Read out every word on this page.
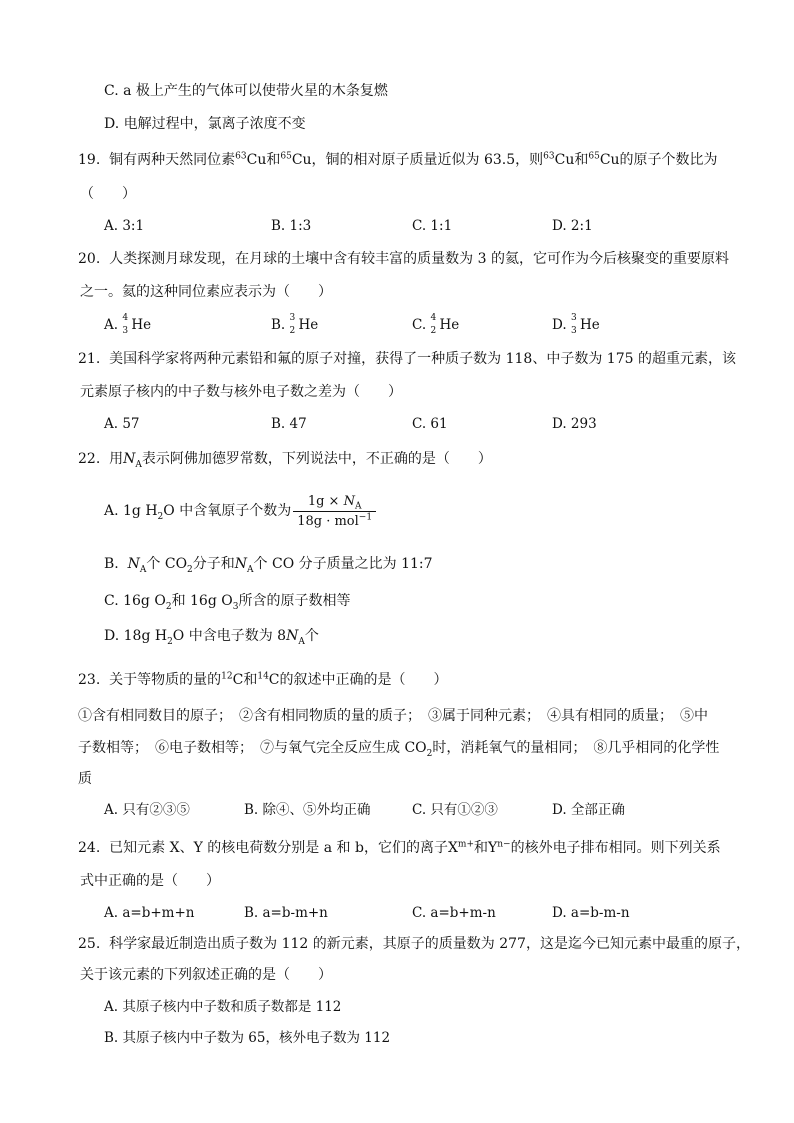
C. a 极上产生的气体可以使带火星的木条复燃
D. 电解过程中，氯离子浓度不变
19. 铜有两种天然同位素$^{63}$Cu和$^{65}$Cu，铜的相对原子质量近似为 63.5，则$^{63}$Cu和$^{65}$Cu的原子个数比为
（　　）
A. 3:1	B. 1:3	C. 1:1	D. 2:1
20. 人类探测月球发现，在月球的土壤中含有较丰富的质量数为 3 的氦，它可作为今后核聚变的重要原料
之一。氦的这种同位素应表示为（　　）
A. 4
3 He	B. 3
2 He	C. 4
2 He	D. 3
3 He
21. 美国科学家将两种元素铅和氟的原子对撞，获得了一种质子数为 118、中子数为 175 的超重元素，该
元素原子核内的中子数与核外电子数之差为（　　）
A. 57	B. 47	C. 61	D. 293
22. 用$N_A$表示阿佛加德罗常数，下列说法中，不正确的是（　　）
A. 1g $H_2O$ 中含氧原子个数为 $\frac{1g \times N_A}{18g \cdot mol^{-1}}$
B. $N_A$个 $CO_2$分子和$N_A$个 CO 分子质量之比为 11:7
C. 16g $O_2$和 16g $O_3$所含的原子数相等
D. 18g $H_2O$ 中含电子数为 $8N_A$个
23. 关于等物质的量的$^{12}$C和$^{14}$C的叙述中正确的是（　　）
①含有相同数目的原子；　②含有相同物质的量的质子；　③属于同种元素；　④具有相同的质量；　⑤中
子数相等；　⑥电子数相等；　⑦与氧气完全反应生成 $CO_2$时，消耗氧气的量相同；　⑧几乎相同的化学性
质
A. 只有②③⑤	B. 除④、⑤外均正确	C. 只有①②③	D. 全部正确
24. 已知元素 X、Y 的核电荷数分别是 a 和 b，它们的离子$X^{m+}$和$Y^{n-}$的核外电子排布相同。则下列关系
式中正确的是（　　）
A. a=b+m+n	B. a=b-m+n	C. a=b+m-n	D. a=b-m-n
25. 科学家最近制造出质子数为 112 的新元素，其原子的质量数为 277，这是迄今已知元素中最重的原子，
关于该元素的下列叙述正确的是（　　）
A. 其原子核内中子数和质子数都是 112
B. 其原子核内中子数为 65，核外电子数为 112
